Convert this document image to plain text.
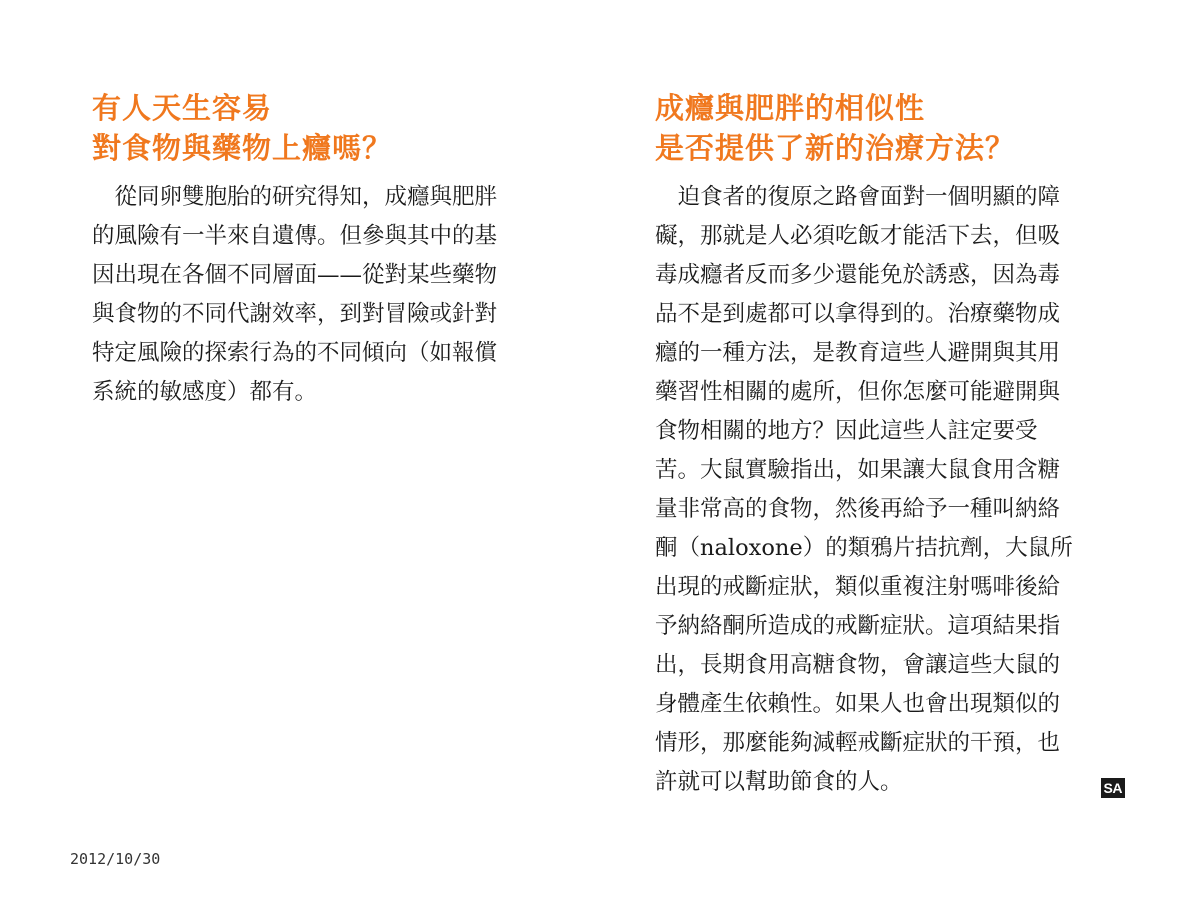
有人天生容易
對食物與藥物上癮嗎？
　從同卵雙胞胎的研究得知，成癮與肥胖
的風險有一半來自遺傳。但參與其中的基
因出現在各個不同層面——從對某些藥物
與食物的不同代謝效率，到對冒險或針對
特定風險的探索行為的不同傾向（如報償
系統的敏感度）都有。
成癮與肥胖的相似性
是否提供了新的治療方法？
　迫食者的復原之路會面對一個明顯的障
礙，那就是人必須吃飯才能活下去，但吸
毒成癮者反而多少還能免於誘惑，因為毒
品不是到處都可以拿得到的。治療藥物成
癮的一種方法，是教育這些人避開與其用
藥習性相關的處所，但你怎麼可能避開與
食物相關的地方？因此這些人註定要受
苦。大鼠實驗指出，如果讓大鼠食用含糖
量非常高的食物，然後再給予一種叫納絡
酮（naloxone）的類鴉片拮抗劑，大鼠所
出現的戒斷症狀，類似重複注射嗎啡後給
予納絡酮所造成的戒斷症狀。這項結果指
出，長期食用高糖食物，會讓這些大鼠的
身體產生依賴性。如果人也會出現類似的
情形，那麼能夠減輕戒斷症狀的干預，也
許就可以幫助節食的人。	SA
2012/10/30
